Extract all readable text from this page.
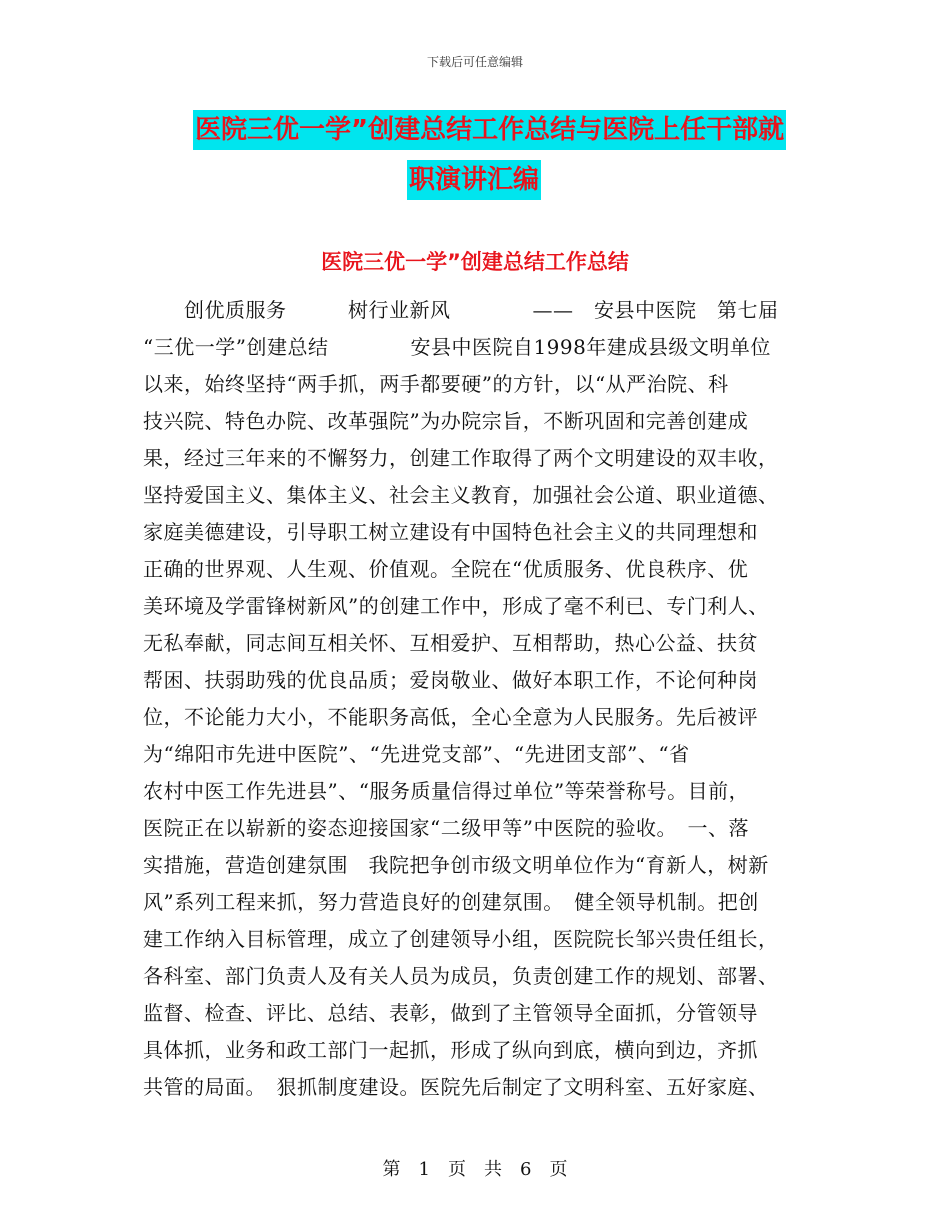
下载后可任意编辑
医院三优一学”创建总结工作总结与医院上任干部就
职演讲汇编
医院三优一学”创建总结工作总结

　　创优质服务　　　树行业新风　　　　——　安县中医院　第七届

“三优一学”创建总结　　　　安县中医院自1998年建成县级文明单位

以来，始终坚持“两手抓，两手都要硬”的方针，以“从严治院、科

技兴院、特色办院、改革强院”为办院宗旨，不断巩固和完善创建成

果，经过三年来的不懈努力，创建工作取得了两个文明建设的双丰收，

坚持爱国主义、集体主义、社会主义教育，加强社会公道、职业道德、

家庭美德建设，引导职工树立建设有中国特色社会主义的共同理想和

正确的世界观、人生观、价值观。全院在“优质服务、优良秩序、优

美环境及学雷锋树新风”的创建工作中，形成了毫不利已、专门利人、

无私奉献，同志间互相关怀、互相爱护、互相帮助，热心公益、扶贫

帮困、扶弱助残的优良品质；爱岗敬业、做好本职工作，不论何种岗

位，不论能力大小，不能职务高低，全心全意为人民服务。先后被评

为“绵阳市先进中医院”、“先进党支部”、“先进团支部”、“省

农村中医工作先进县”、“服务质量信得过单位”等荣誉称号。目前，

医院正在以崭新的姿态迎接国家“二级甲等”中医院的验收。　一、落

实措施，营造创建氛围　我院把争创市级文明单位作为“育新人，树新

风”系列工程来抓，努力营造良好的创建氛围。　健全领导机制。把创

建工作纳入目标管理，成立了创建领导小组，医院院长邹兴贵任组长，

各科室、部门负责人及有关人员为成员，负责创建工作的规划、部署、

监督、检查、评比、总结、表彰，做到了主管领导全面抓，分管领导

具体抓，业务和政工部门一起抓，形成了纵向到底，横向到边，齐抓

共管的局面。　狠抓制度建设。医院先后制定了文明科室、五好家庭、

第　1　页　共　6　页
